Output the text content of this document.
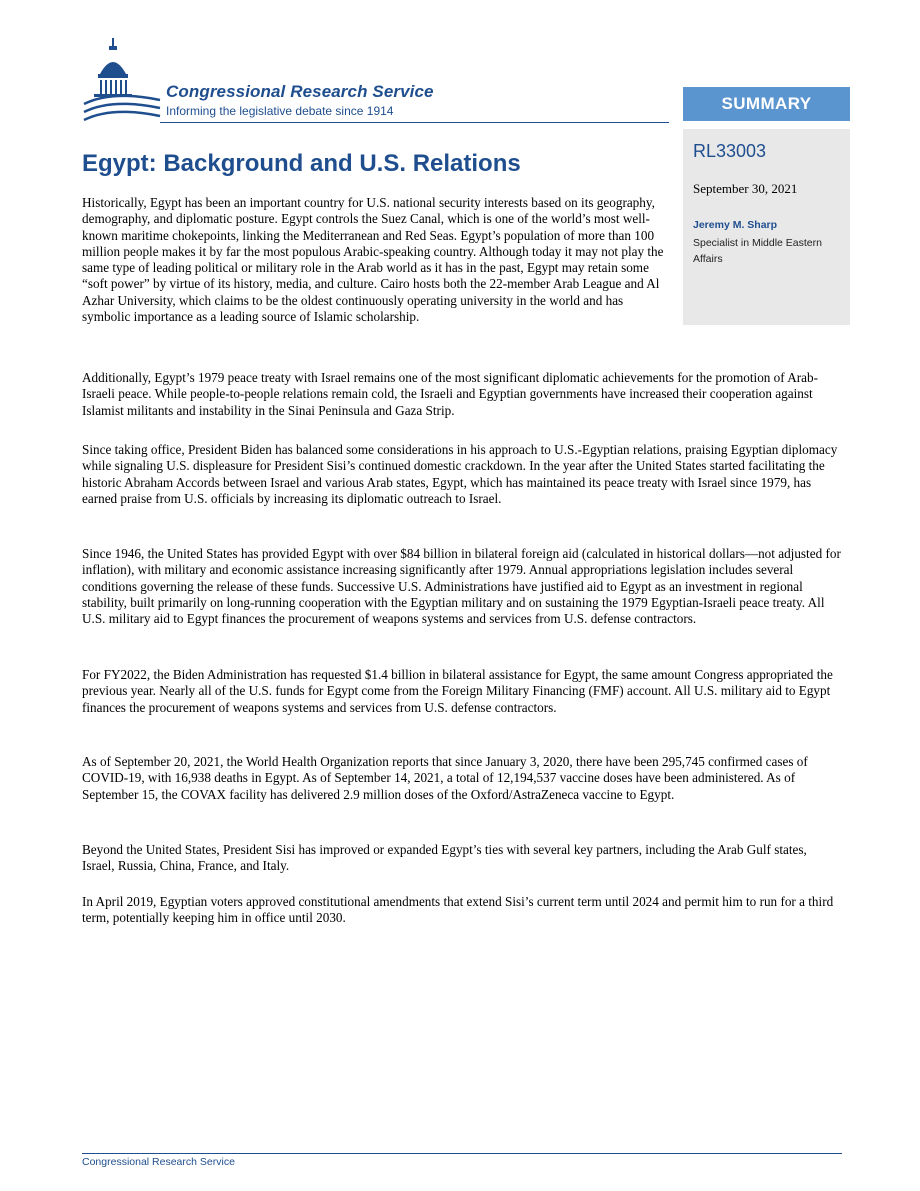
Congressional Research Service

Informing the legislative debate since 1914	SUMMARY

RL33003

September 30, 2021

Jeremy M. Sharp

Specialist in Middle Eastern Affairs

Egypt: Background and U.S. Relations

Historically, Egypt has been an important country for U.S. national security interests based on its geography, demography, and diplomatic posture. Egypt controls the Suez Canal, which is one of the world’s most well-known maritime chokepoints, linking the Mediterranean and Red Seas. Egypt’s population of more than 100 million people makes it by far the most populous Arabic-speaking country. Although today it may not play the same type of leading political or military role in the Arab world as it has in the past, Egypt may retain some “soft power” by virtue of its history, media, and culture. Cairo hosts both the 22-member Arab League and Al Azhar University, which claims to be the oldest continuously operating university in the world and has symbolic importance as a leading source of Islamic scholarship.

Additionally, Egypt’s 1979 peace treaty with Israel remains one of the most significant diplomatic achievements for the promotion of Arab-Israeli peace. While people-to-people relations remain cold, the Israeli and Egyptian governments have increased their cooperation against Islamist militants and instability in the Sinai Peninsula and Gaza Strip.

Since taking office, President Biden has balanced some considerations in his approach to U.S.-Egyptian relations, praising Egyptian diplomacy while signaling U.S. displeasure for President Sisi’s continued domestic crackdown. In the year after the United States started facilitating the historic Abraham Accords between Israel and various Arab states, Egypt, which has maintained its peace treaty with Israel since 1979, has earned praise from U.S. officials by increasing its diplomatic outreach to Israel.

Since 1946, the United States has provided Egypt with over $84 billion in bilateral foreign aid (calculated in historical dollars—not adjusted for inflation), with military and economic assistance increasing significantly after 1979. Annual appropriations legislation includes several conditions governing the release of these funds. Successive U.S. Administrations have justified aid to Egypt as an investment in regional stability, built primarily on long-running cooperation with the Egyptian military and on sustaining the 1979 Egyptian-Israeli peace treaty. All U.S. military aid to Egypt finances the procurement of weapons systems and services from U.S. defense contractors.

For FY2022, the Biden Administration has requested $1.4 billion in bilateral assistance for Egypt, the same amount Congress appropriated the previous year. Nearly all of the U.S. funds for Egypt come from the Foreign Military Financing (FMF) account. All U.S. military aid to Egypt finances the procurement of weapons systems and services from U.S. defense contractors.

As of September 20, 2021, the World Health Organization reports that since January 3, 2020, there have been 295,745 confirmed cases of COVID-19, with 16,938 deaths in Egypt. As of September 14, 2021, a total of 12,194,537 vaccine doses have been administered. As of September 15, the COVAX facility has delivered 2.9 million doses of the Oxford/AstraZeneca vaccine to Egypt.

Beyond the United States, President Sisi has improved or expanded Egypt’s ties with several key partners, including the Arab Gulf states, Israel, Russia, China, France, and Italy.

In April 2019, Egyptian voters approved constitutional amendments that extend Sisi’s current term until 2024 and permit him to run for a third term, potentially keeping him in office until 2030.

Congressional Research Service
